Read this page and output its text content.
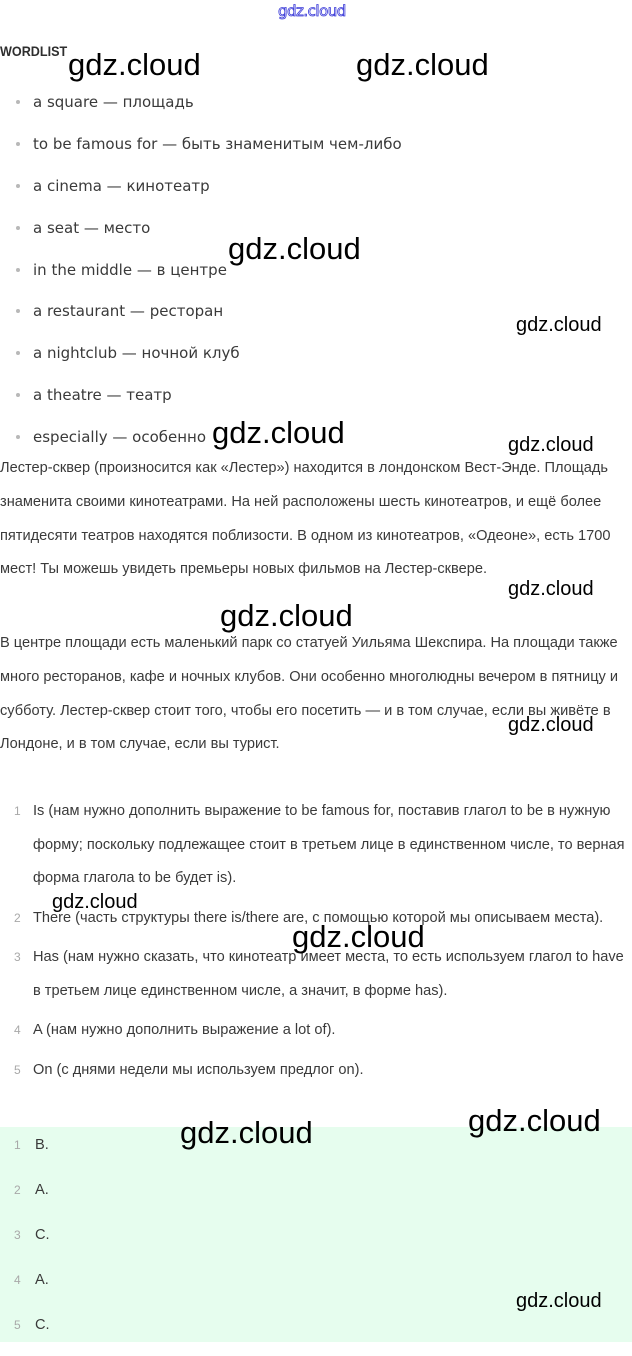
gdz.cloud
WORDLIST
a square — площадь
to be famous for — быть знаменитым чем-либо
a cinema — кинотеатр
a seat — место
in the middle — в центре
a restaurant — ресторан
a nightclub — ночной клуб
a theatre — театр
especially — особенно

Лестер-сквер (произносится как «Лестер») находится в лондонском Вест-Энде. Площадь знаменита своими кинотеатрами. На ней расположены шесть кинотеатров, и ещё более пятидесяти театров находятся поблизости. В одном из кинотеатров, «Одеоне», есть 1700 мест! Ты можешь увидеть премьеры новых фильмов на Лестер-сквере.

В центре площади есть маленький парк со статуей Уильяма Шекспира. На площади также много ресторанов, кафе и ночных клубов. Они особенно многолюдны вечером в пятницу и субботу. Лестер-сквер стоит того, чтобы его посетить — и в том случае, если вы живёте в Лондоне, и в том случае, если вы турист.

1 Is (нам нужно дополнить выражение to be famous for, поставив глагол to be в нужную форму; поскольку подлежащее стоит в третьем лице в единственном числе, то верная форма глагола to be будет is).
2 There (часть структуры there is/there are, с помощью которой мы описываем места).
3 Has (нам нужно сказать, что кинотеатр имеет места, то есть используем глагол to have в третьем лице единственном числе, а значит, в форме has).
4 A (нам нужно дополнить выражение a lot of).
5 On (с днями недели мы используем предлог on).
1 B.
2 A.
3 C.
4 A.
5 C.
gdz.cloud	gdz.cloud
gdz.cloud
gdz.cloud
gdz.cloud	gdz.cloud
gdz.cloud
gdz.cloud
gdz.cloud
gdz.cloud
gdz.cloud
gdz.cloud
gdz.cloud
gdz.cloud
